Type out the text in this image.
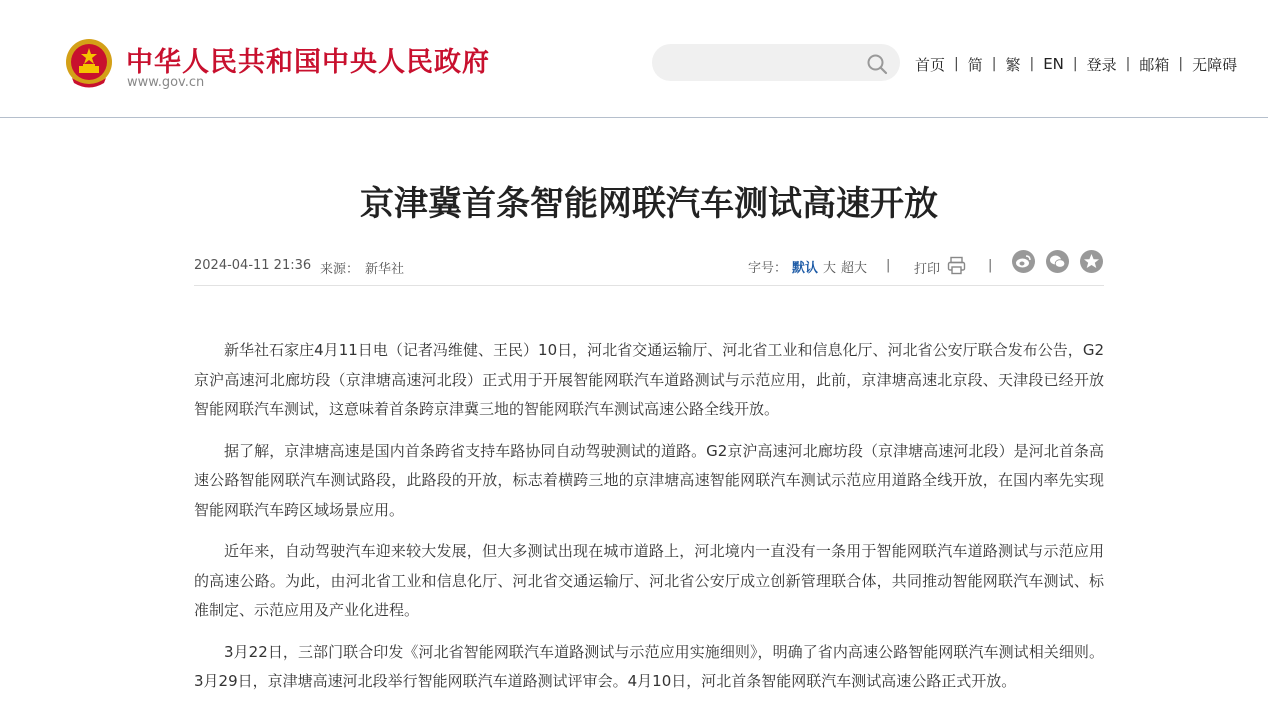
中华人民共和国中央人民政府
www.gov.cn
首页 | 简 | 繁 | EN | 登录 | 邮箱 | 无障碍
京津冀首条智能网联汽车测试高速开放
2024-04-11 21:36 来源： 新华社	字号： 默认 大 超大 | 打印	|

新华社石家庄4月11日电（记者冯维健、王民）10日，河北省交通运输厅、河北省工业和信息化厅、河北省公安厅联合发布公告，G2京沪高速河北廊坊段（京津塘高速河北段）正式用于开展智能网联汽车道路测试与示范应用，此前，京津塘高速北京段、天津段已经开放智能网联汽车测试，这意味着首条跨京津冀三地的智能网联汽车测试高速公路全线开放。

据了解，京津塘高速是国内首条跨省支持车路协同自动驾驶测试的道路。G2京沪高速河北廊坊段（京津塘高速河北段）是河北首条高速公路智能网联汽车测试路段，此路段的开放，标志着横跨三地的京津塘高速智能网联汽车测试示范应用道路全线开放，在国内率先实现智能网联汽车跨区域场景应用。

近年来，自动驾驶汽车迎来较大发展，但大多测试出现在城市道路上，河北境内一直没有一条用于智能网联汽车道路测试与示范应用的高速公路。为此，由河北省工业和信息化厅、河北省交通运输厅、河北省公安厅成立创新管理联合体，共同推动智能网联汽车测试、标准制定、示范应用及产业化进程。

3月22日，三部门联合印发《河北省智能网联汽车道路测试与示范应用实施细则》，明确了省内高速公路智能网联汽车测试相关细则。3月29日，京津塘高速河北段举行智能网联汽车道路测试评审会。4月10日，河北首条智能网联汽车测试高速公路正式开放。
